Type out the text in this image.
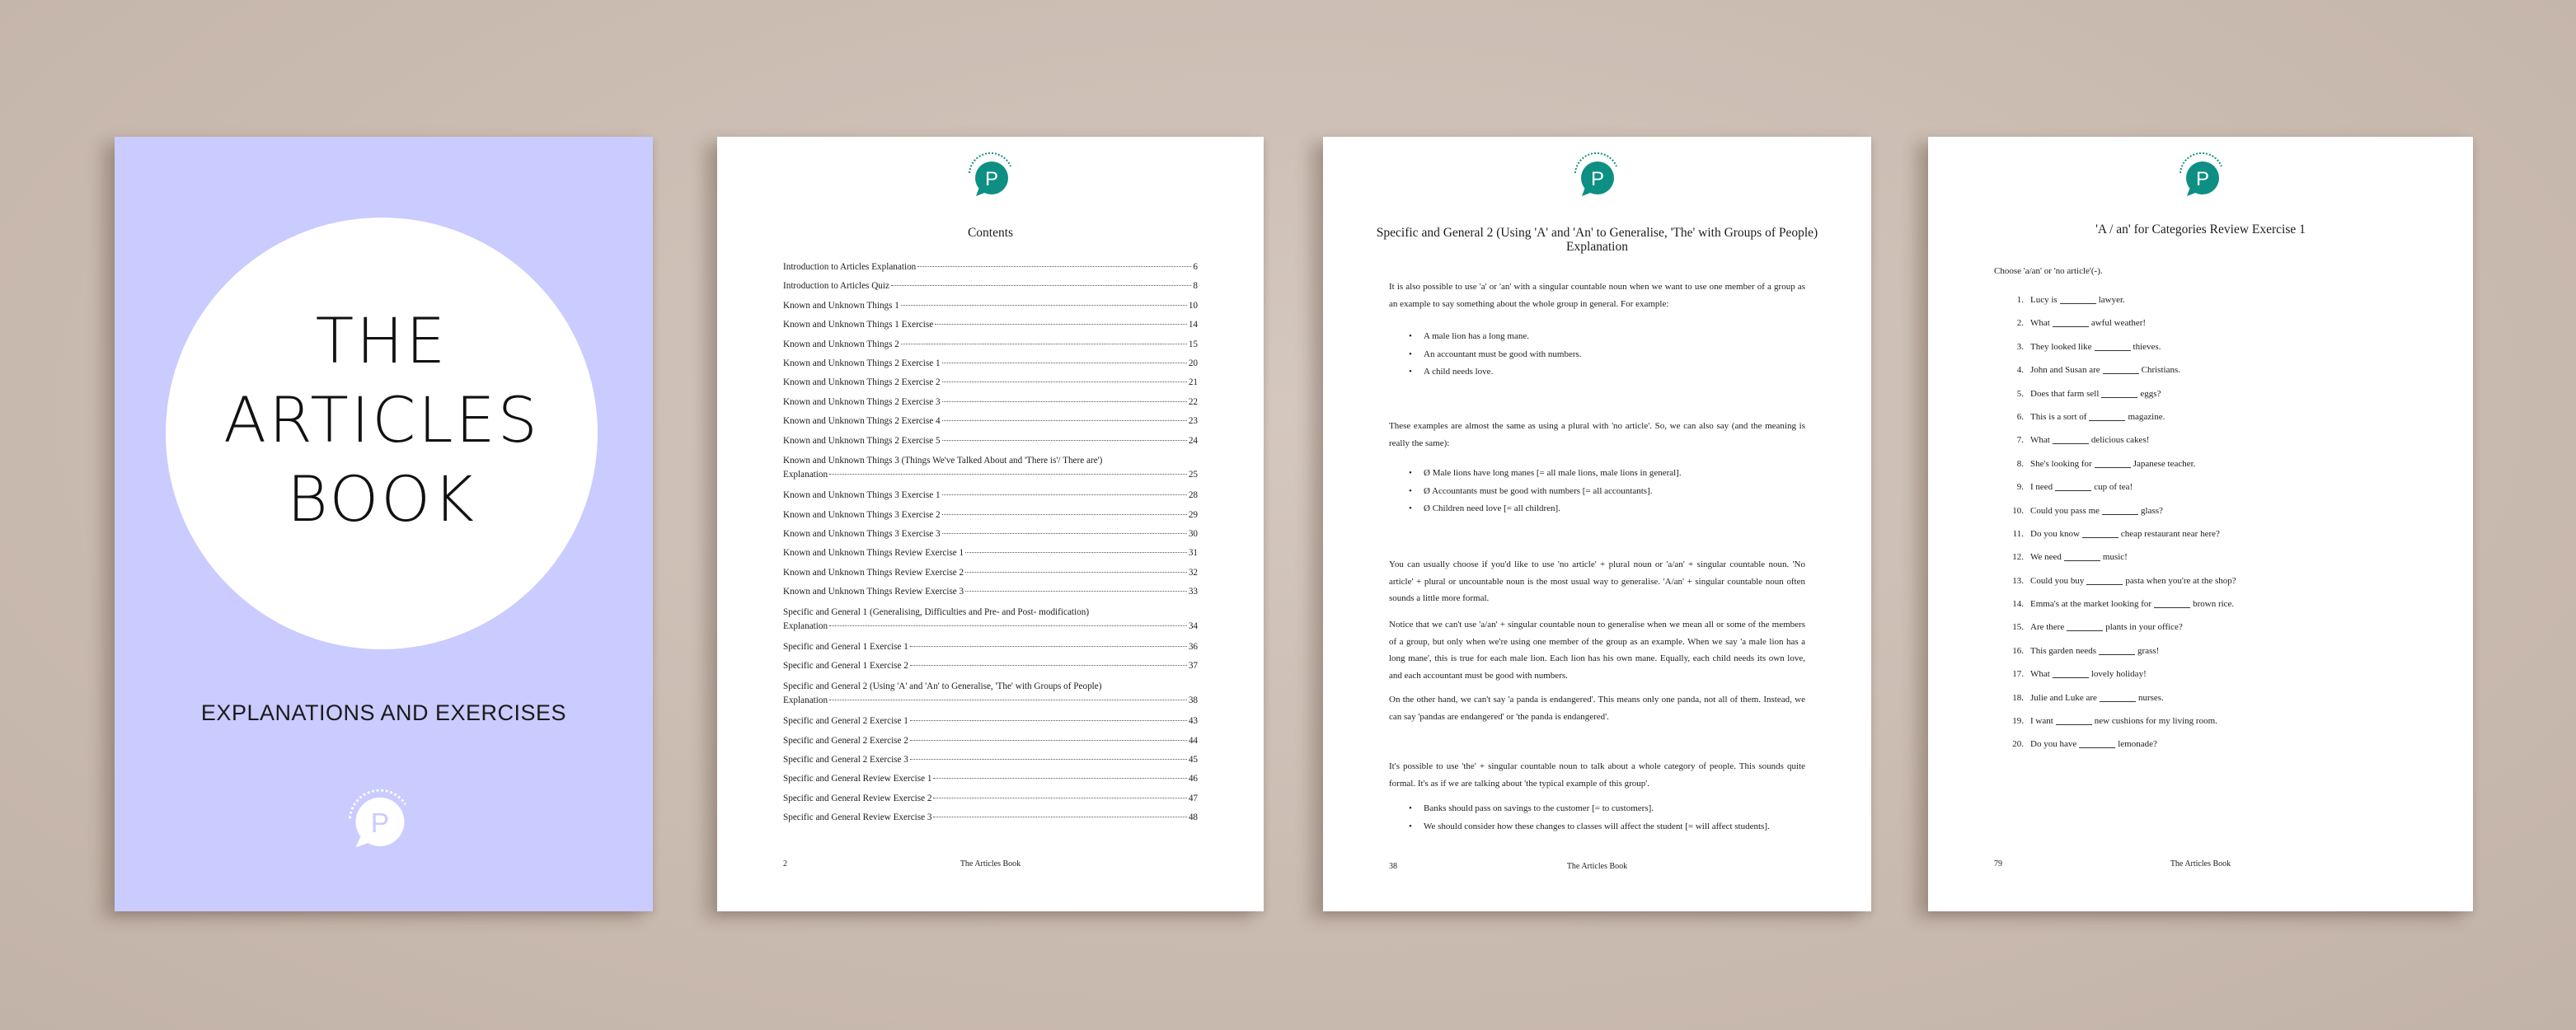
THE
ARTICLES
BOOK
EXPLANATIONS AND EXERCISES
P
P
Contents
Introduction to Articles Explanation	6
Introduction to Articles Quiz	8
Known and Unknown Things 1	10
Known and Unknown Things 1 Exercise	14
Known and Unknown Things 2	15
Known and Unknown Things 2 Exercise 1	20
Known and Unknown Things 2 Exercise 2	21
Known and Unknown Things 2 Exercise 3	22
Known and Unknown Things 2 Exercise 4	23
Known and Unknown Things 2 Exercise 5	24
Known and Unknown Things 3 (Things We've Talked About and 'There is'/ There are')
Explanation	25
Known and Unknown Things 3 Exercise 1	28
Known and Unknown Things 3 Exercise 2	29
Known and Unknown Things 3 Exercise 3	30
Known and Unknown Things Review Exercise 1	31
Known and Unknown Things Review Exercise 2	32
Known and Unknown Things Review Exercise 3	33
Specific and General 1 (Generalising, Difficulties and Pre- and Post- modification)
Explanation	34
Specific and General 1 Exercise 1	36
Specific and General 1 Exercise 2	37
Specific and General 2 (Using 'A' and 'An' to Generalise, 'The' with Groups of People)
Explanation	38
Specific and General 2 Exercise 1	43
Specific and General 2 Exercise 2	44
Specific and General 2 Exercise 3	45
Specific and General Review Exercise 1	46
Specific and General Review Exercise 2	47
Specific and General Review Exercise 3	48
2	The Articles Book
P
Specific and General 2 (Using 'A' and 'An' to Generalise, 'The' with Groups of People) Explanation

It is also possible to use 'a' or 'an' with a singular countable noun when we want to use one member of a group as an example to say something about the whole group in general. For example:

• A male lion has a long mane.
• An accountant must be good with numbers.
• A child needs love.

These examples are almost the same as using a plural with 'no article'. So, we can also say (and the meaning is really the same):

• Ø Male lions have long manes [= all male lions, male lions in general].
• Ø Accountants must be good with numbers [= all accountants].
• Ø Children need love [= all children].

You can usually choose if you'd like to use 'no article' + plural noun or 'a/an' + singular countable noun. 'No article' + plural or uncountable noun is the most usual way to generalise. 'A/an' + singular countable noun often sounds a little more formal.

Notice that we can't use 'a/an' + singular countable noun to generalise when we mean all or some of the members of a group, but only when we're using one member of the group as an example. When we say 'a male lion has a long mane', this is true for each male lion. Each lion has his own mane. Equally, each child needs its own love, and each accountant must be good with numbers.

On the other hand, we can't say 'a panda is endangered'. This means only one panda, not all of them. Instead, we can say 'pandas are endangered' or 'the panda is endangered'.

It's possible to use 'the' + singular countable noun to talk about a whole category of people. This sounds quite formal. It's as if we are talking about 'the typical example of this group'.

• Banks should pass on savings to the customer [= to customers].
• We should consider how these changes to classes will affect the student [= will affect students].
38	The Articles Book
P
'A / an' for Categories Review Exercise 1
Choose 'a/an' or 'no article'(-).
1. Lucy is	lawyer.
2. What	awful weather!
3. They looked like	thieves.
4. John and Susan are	Christians.
5. Does that farm sell	eggs?
6. This is a sort of	magazine.
7. What	delicious cakes!
8. She's looking for	Japanese teacher.
9. I need	cup of tea!
10. Could you pass me	glass?
11. Do you know	cheap restaurant near here?
12. We need	music!
13. Could you buy	pasta when you're at the shop?
14. Emma's at the market looking for	brown rice.
15. Are there	plants in your office?
16. This garden needs	grass!
17. What	lovely holiday!
18. Julie and Luke are	nurses.
19. I want	new cushions for my living room.
20. Do you have	lemonade?
79	The Articles Book
